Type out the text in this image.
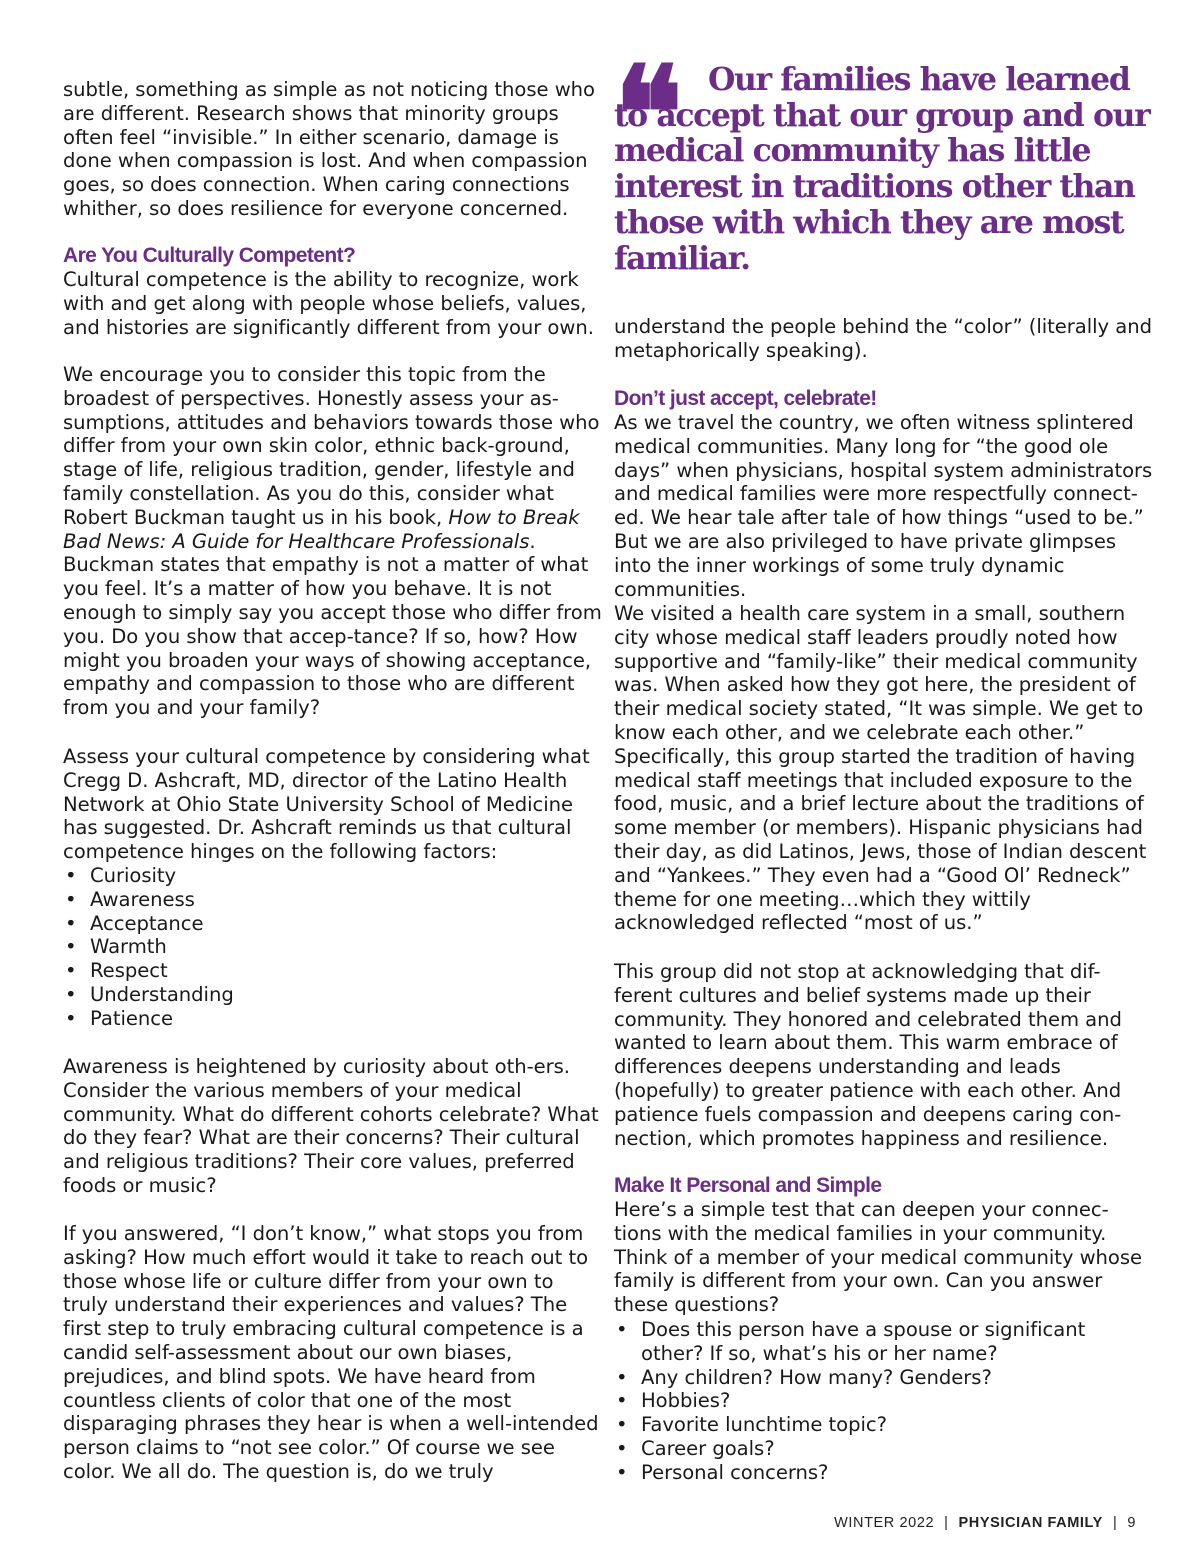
subtle, something as simple as not noticing those who are different. Research shows that minority groups often feel “invisible.” In either scenario, damage is done when compassion is lost. And when compassion goes, so does connection. When caring connections whither, so does resilience for everyone concerned.

Are You Culturally Competent?

Cultural competence is the ability to recognize, work with and get along with people whose beliefs, values, and histories are significantly different from your own.

We encourage you to consider this topic from the broadest of perspectives. Honestly assess your as-sumptions, attitudes and behaviors towards those who differ from your own skin color, ethnic back-ground, stage of life, religious tradition, gender, lifestyle and family constellation. As you do this, consider what Robert Buckman taught us in his book, How to Break Bad News: A Guide for Healthcare Professionals. Buckman states that empathy is not a matter of what you feel. It’s a matter of how you behave. It is not enough to simply say you accept those who differ from you. Do you show that accep-tance? If so, how? How might you broaden your ways of showing acceptance, empathy and compassion to those who are different from you and your family?

Assess your cultural competence by considering what Cregg D. Ashcraft, MD, director of the Latino Health Network at Ohio State University School of Medicine has suggested. Dr. Ashcraft reminds us that cultural competence hinges on the following factors:

• Curiosity
• Awareness
• Acceptance
• Warmth
• Respect
• Understanding
• Patience

Awareness is heightened by curiosity about oth-ers. Consider the various members of your medical community. What do different cohorts celebrate? What do they fear? What are their concerns? Their cultural and religious traditions? Their core values, preferred foods or music?

If you answered, “I don’t know,” what stops you from asking? How much effort would it take to reach out to those whose life or culture differ from your own to truly understand their experiences and values? The first step to truly embracing cultural competence is a candid self-assessment about our own biases, prejudices, and blind spots. We have heard from countless clients of color that one of the most disparaging phrases they hear is when a well-intended person claims to “not see color.” Of course we see color. We all do. The question is, do we truly

❝	Our families have learned
to accept that our group and our medical community has little interest in traditions other than those with which they are most familiar.

understand the people behind the “color” (literally and metaphorically speaking).

Don’t just accept, celebrate!

As we travel the country, we often witness splintered medical communities. Many long for “the good ole days” when physicians, hospital system administrators and medical families were more respectfully connect-ed. We hear tale after tale of how things “used to be.” But we are also privileged to have private glimpses into the inner workings of some truly dynamic communities.

We visited a health care system in a small, southern city whose medical staff leaders proudly noted how supportive and “family-like” their medical community was. When asked how they got here, the president of their medical society stated, “It was simple. We get to know each other, and we celebrate each other.” Specifically, this group started the tradition of having medical staff meetings that included exposure to the food, music, and a brief lecture about the traditions of some member (or members). Hispanic physicians had their day, as did Latinos, Jews, those of Indian descent and “Yankees.” They even had a “Good Ol’ Redneck” theme for one meeting…which they wittily acknowledged reflected “most of us.”

This group did not stop at acknowledging that dif-ferent cultures and belief systems made up their community. They honored and celebrated them and wanted to learn about them. This warm embrace of differences deepens understanding and leads (hopefully) to greater patience with each other. And patience fuels compassion and deepens caring con-nection, which promotes happiness and resilience.

Make It Personal and Simple

Here’s a simple test that can deepen your connec-tions with the medical families in your community. Think of a member of your medical community whose family is different from your own. Can you answer these questions?

• Does this person have a spouse or significant other? If so, what’s his or her name?
• Any children? How many? Genders?
• Hobbies?
• Favorite lunchtime topic?
• Career goals?
• Personal concerns?
WINTER 2022 | PHYSICIAN FAMILY | 9
